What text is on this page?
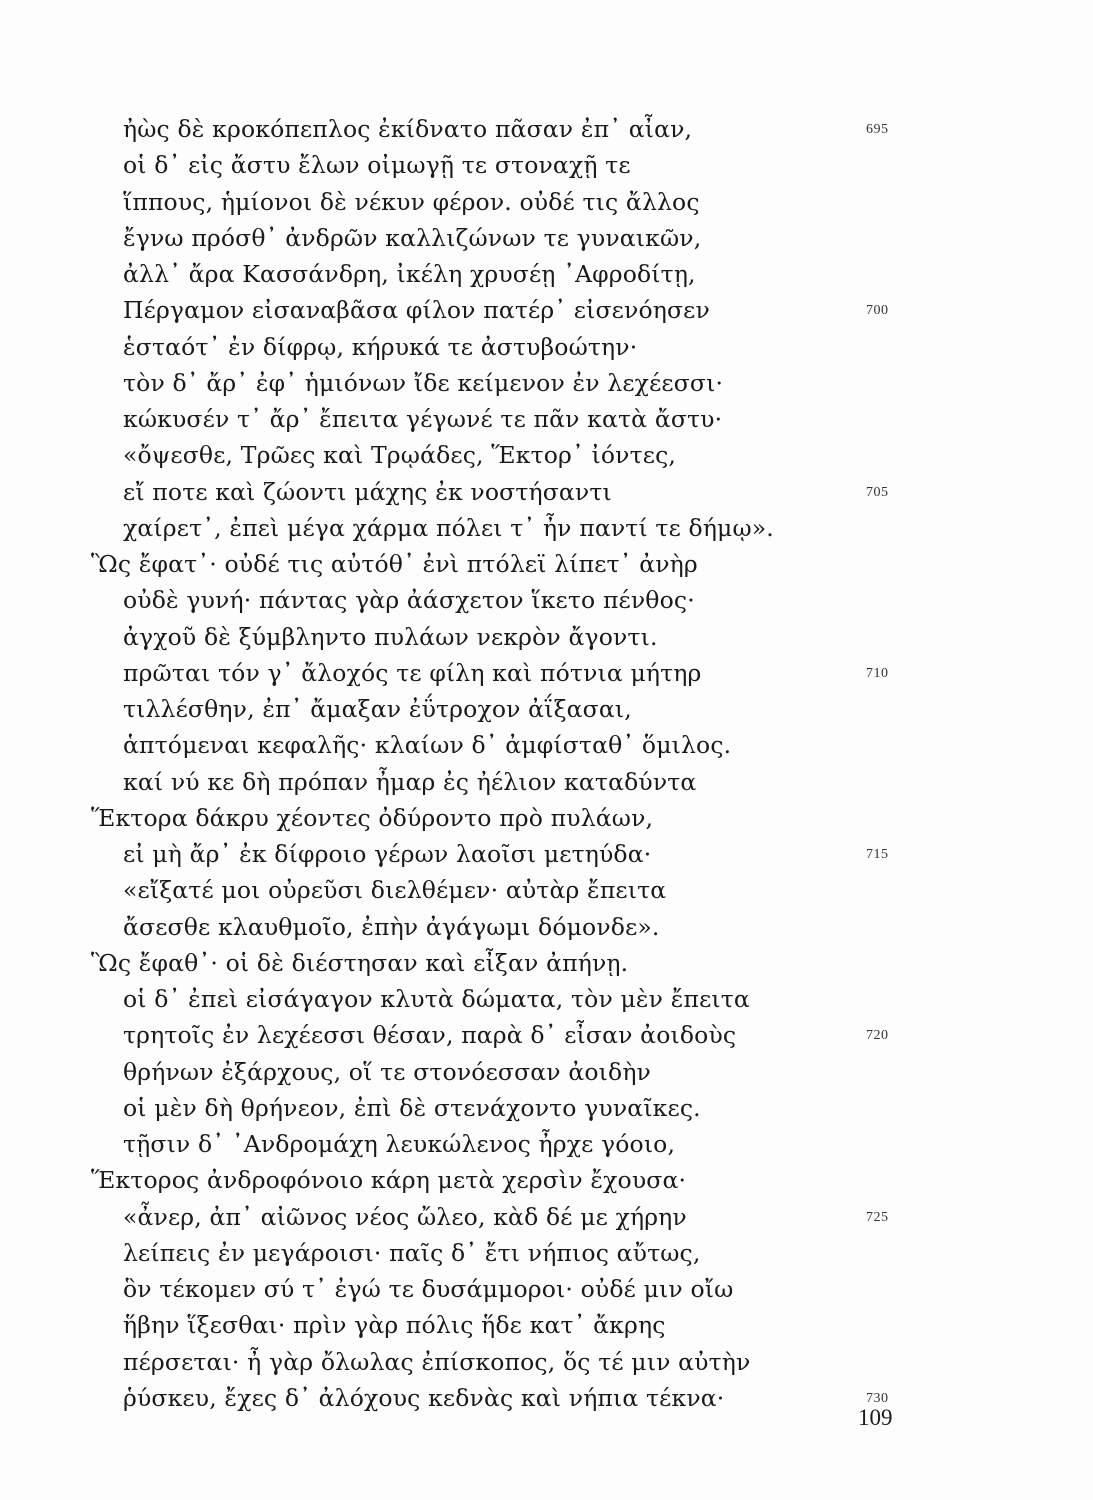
ἠὼς δὲ κροκόπεπλος ἐκίδνατο πᾶσαν ἐπ᾽ αἶαν,	695
οἱ δ᾽ εἰς ἄστυ ἔλων οἰμωγῇ τε στοναχῇ τε
ἵππους, ἡμίονοι δὲ νέκυν φέρον. οὐδέ τις ἄλλος
ἔγνω πρόσθ᾽ ἀνδρῶν καλλιζώνων τε γυναικῶν,
ἀλλ᾽ ἄρα Κασσάνδρη, ἰκέλη χρυσέῃ ᾽Αφροδίτῃ,
Πέργαμον εἰσαναβᾶσα φίλον πατέρ᾽ εἰσενόησεν	700
ἑσταότ᾽ ἐν δίφρῳ, κήρυκά τε ἀστυβοώτην·
τὸν δ᾽ ἄρ᾽ ἐφ᾽ ἡμιόνων ἴδε κείμενον ἐν λεχέεσσι·
κώκυσέν τ᾽ ἄρ᾽ ἔπειτα γέγωνέ τε πᾶν κατὰ ἄστυ·
«ὄψεσθε, Τρῶες καὶ Τρῳάδες, Ἕκτορ᾽ ἰόντες,
εἴ ποτε καὶ ζώοντι μάχης ἐκ νοστήσαντι	705
χαίρετ᾽, ἐπεὶ μέγα χάρμα πόλει τ᾽ ἦν παντί τε δήμῳ».
Ὣς ἔφατ᾽· οὐδέ τις αὐτόθ᾽ ἐνὶ πτόλεϊ λίπετ᾽ ἀνὴρ
οὐδὲ γυνή· πάντας γὰρ ἀάσχετον ἵκετο πένθος·
ἀγχοῦ δὲ ξύμβληντο πυλάων νεκρὸν ἄγοντι.
πρῶται τόν γ᾽ ἄλοχός τε φίλη καὶ πότνια μήτηρ	710
τιλλέσθην, ἐπ᾽ ἄμαξαν ἐΰτροχον ἀΐξασαι,
ἁπτόμεναι κεφαλῆς· κλαίων δ᾽ ἀμφίσταθ᾽ ὅμιλος.
καί νύ κε δὴ πρόπαν ἦμαρ ἐς ἠέλιον καταδύντα
Ἕκτορα δάκρυ χέοντες ὀδύροντο πρὸ πυλάων,
εἰ μὴ ἄρ᾽ ἐκ δίφροιο γέρων λαοῖσι μετηύδα·	715
«εἴξατέ μοι οὐρεῦσι διελθέμεν· αὐτὰρ ἔπειτα
ἄσεσθε κλαυθμοῖο, ἐπὴν ἀγάγωμι δόμονδε».
Ὣς ἔφαθ᾽· οἱ δὲ διέστησαν καὶ εἶξαν ἀπήνῃ.
οἱ δ᾽ ἐπεὶ εἰσάγαγον κλυτὰ δώματα, τὸν μὲν ἔπειτα
τρητοῖς ἐν λεχέεσσι θέσαν, παρὰ δ᾽ εἶσαν ἀοιδοὺς	720
θρήνων ἐξάρχους, οἵ τε στονόεσσαν ἀοιδὴν
οἱ μὲν δὴ θρήνεον, ἐπὶ δὲ στενάχοντο γυναῖκες.
τῇσιν δ᾽ ᾽Ανδρομάχη λευκώλενος ἦρχε γόοιο,
Ἕκτορος ἀνδροφόνοιο κάρη μετὰ χερσὶν ἔχουσα·
«ἆνερ, ἀπ᾽ αἰῶνος νέος ὤλεο, κὰδ δέ με χήρην	725
λείπεις ἐν μεγάροισι· παῖς δ᾽ ἔτι νήπιος αὔτως,
ὃν τέκομεν σύ τ᾽ ἐγώ τε δυσάμμοροι· οὐδέ μιν οἴω
ἥβην ἵξεσθαι· πρὶν γὰρ πόλις ἥδε κατ᾽ ἄκρης
πέρσεται· ἦ γὰρ ὄλωλας ἐπίσκοπος, ὅς τέ μιν αὐτὴν
ῥύσκευ, ἔχες δ᾽ ἀλόχους κεδνὰς καὶ νήπια τέκνα·	730
109
